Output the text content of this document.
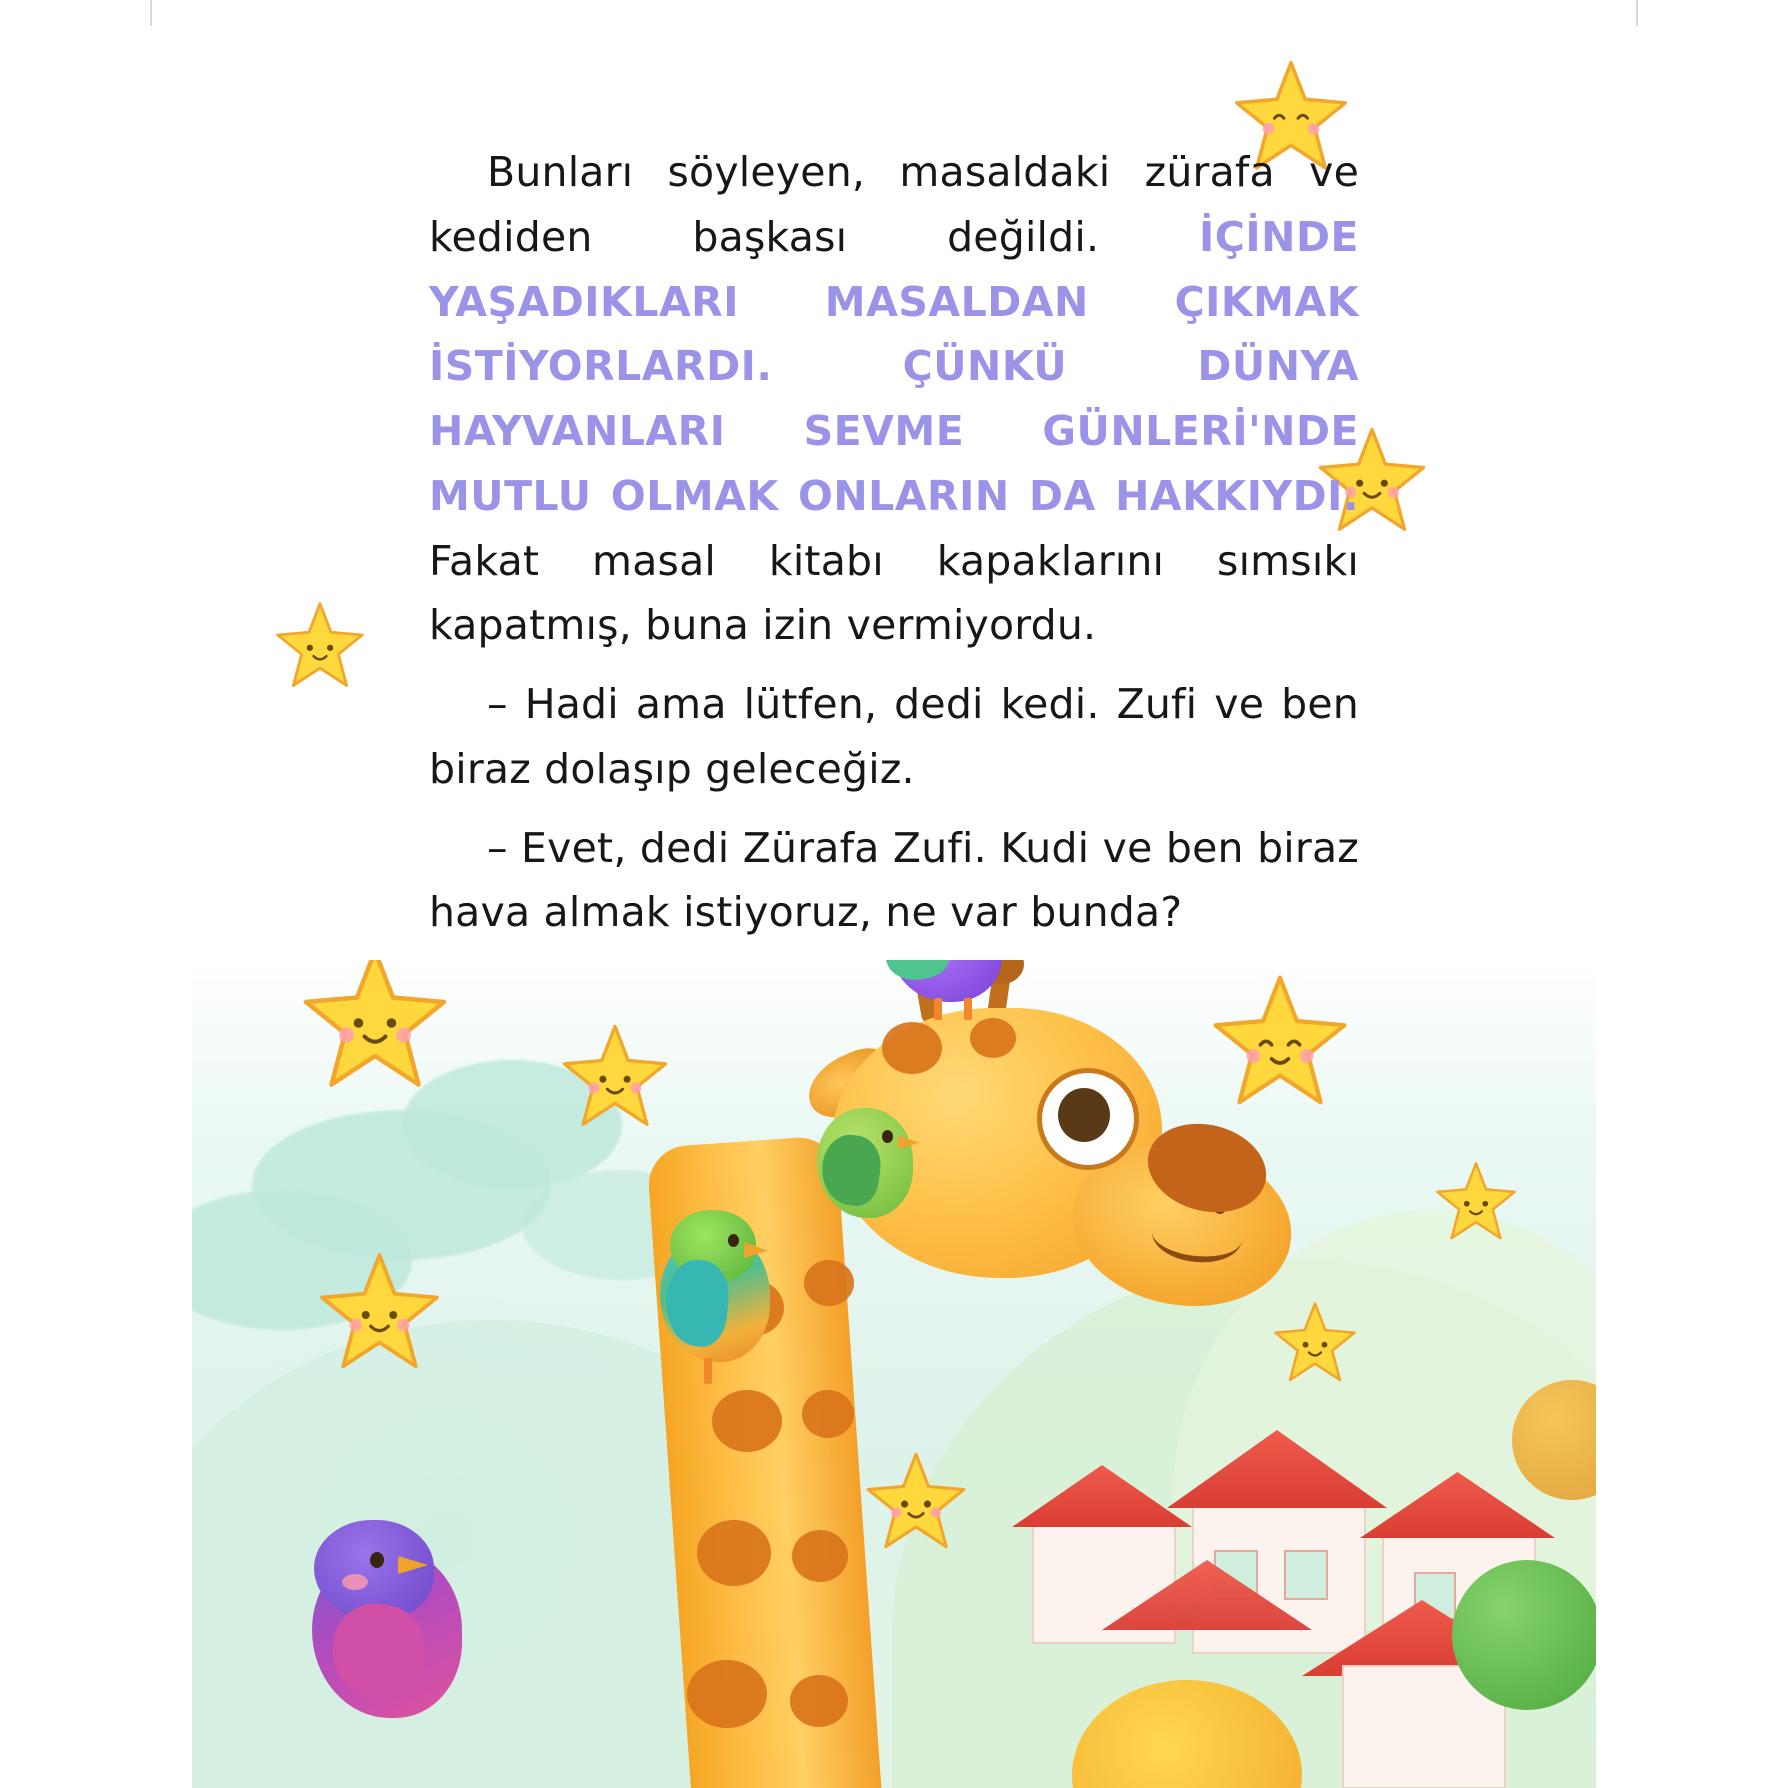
Bunları söyleyen, masaldaki zürafa ve kediden başkası değildi. İÇİNDE YAŞADIKLARI MASALDAN ÇIKMAK İSTİYORLARDI. ÇÜNKÜ DÜNYA HAYVANLARI SEVME GÜNLERİ'NDE MUTLU OLMAK ONLARIN DA HAKKIYDI. Fakat masal kitabı kapaklarını sımsıkı kapatmış, buna izin vermiyordu.

– Hadi ama lütfen, dedi kedi. Zufi ve ben biraz dolaşıp geleceğiz.

– Evet, dedi Zürafa Zufi. Kudi ve ben biraz hava almak istiyoruz, ne var bunda?
